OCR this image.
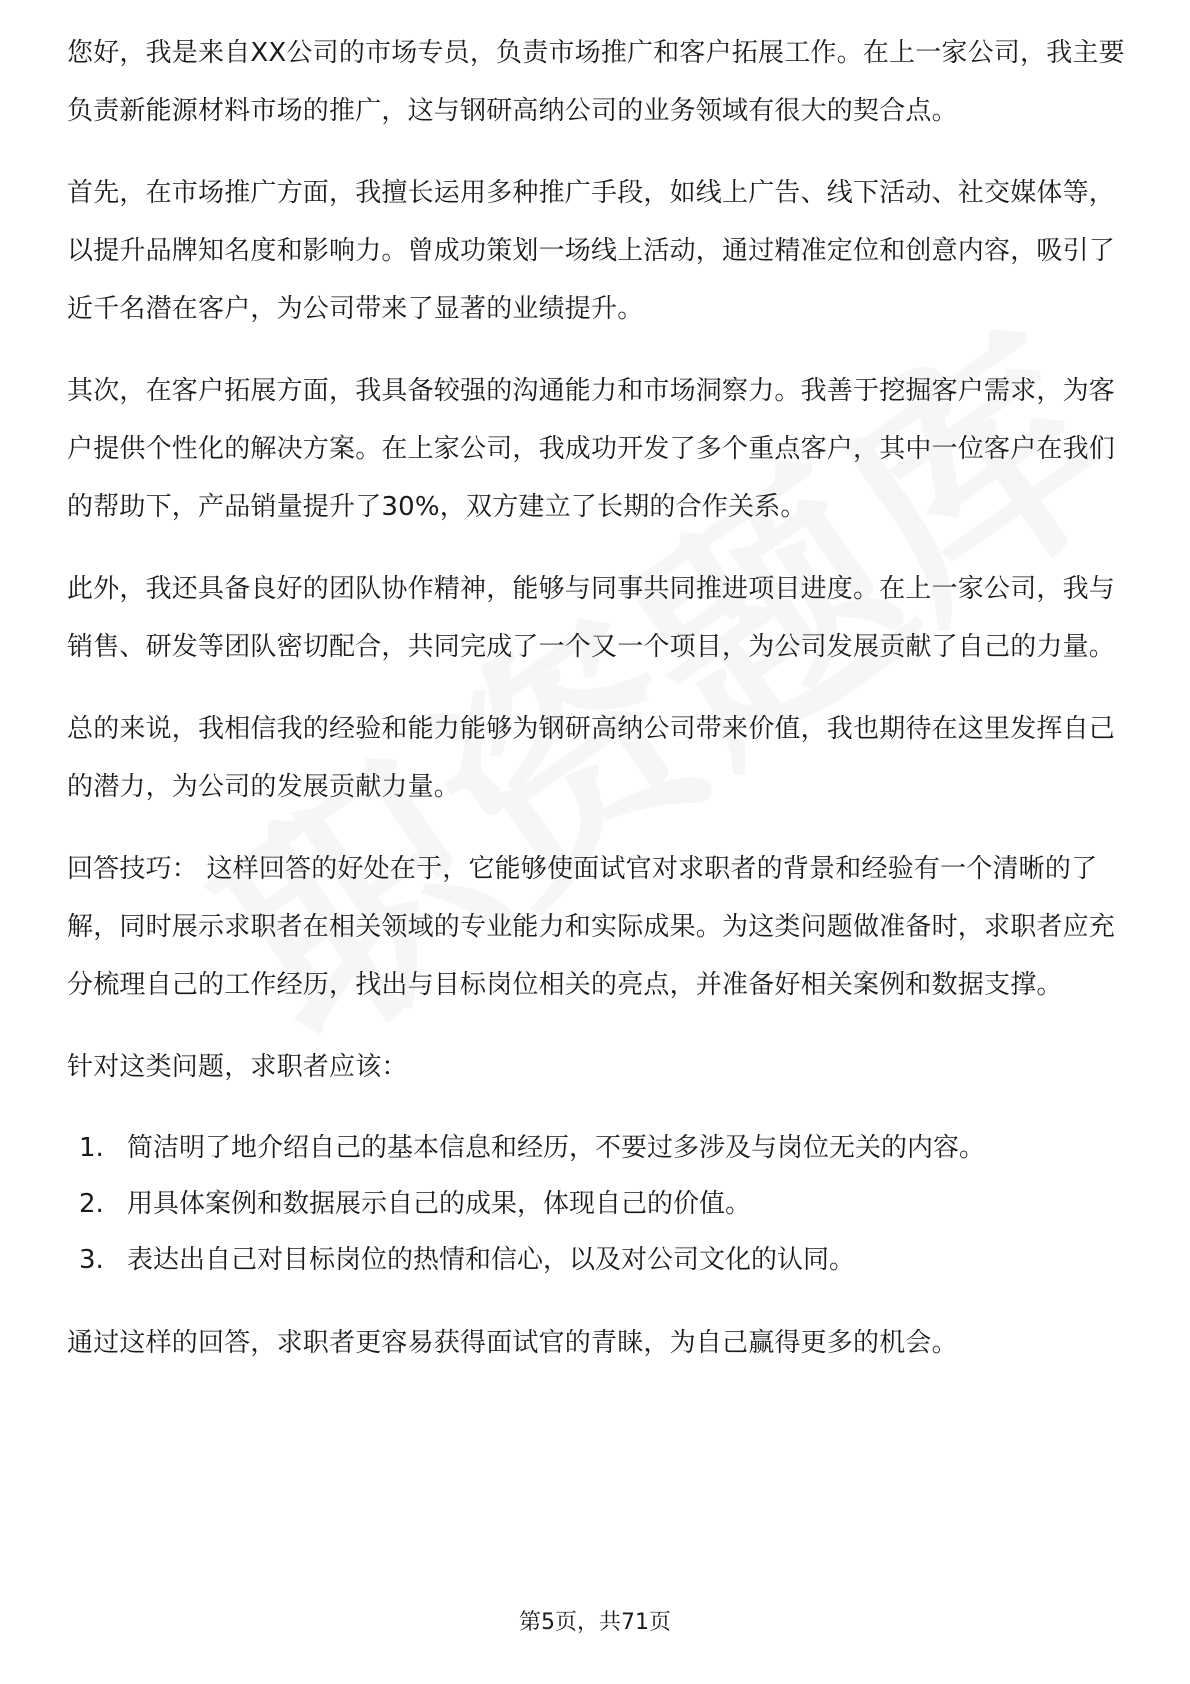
您好，我是来自XX公司的市场专员，负责市场推广和客户拓展工作。在上一家公司，我主要负责新能源材料市场的推广，这与钢研高纳公司的业务领域有很大的契合点。

首先，在市场推广方面，我擅长运用多种推广手段，如线上广告、线下活动、社交媒体等，以提升品牌知名度和影响力。曾成功策划一场线上活动，通过精准定位和创意内容，吸引了近千名潜在客户，为公司带来了显著的业绩提升。

其次，在客户拓展方面，我具备较强的沟通能力和市场洞察力。我善于挖掘客户需求，为客户提供个性化的解决方案。在上家公司，我成功开发了多个重点客户，其中一位客户在我们的帮助下，产品销量提升了30%，双方建立了长期的合作关系。

此外，我还具备良好的团队协作精神，能够与同事共同推进项目进度。在上一家公司，我与销售、研发等团队密切配合，共同完成了一个又一个项目，为公司发展贡献了自己的力量。

总的来说，我相信我的经验和能力能够为钢研高纳公司带来价值，我也期待在这里发挥自己的潜力，为公司的发展贡献力量。

回答技巧： 这样回答的好处在于，它能够使面试官对求职者的背景和经验有一个清晰的了解，同时展示求职者在相关领域的专业能力和实际成果。为这类问题做准备时，求职者应充分梳理自己的工作经历，找出与目标岗位相关的亮点，并准备好相关案例和数据支撑。

针对这类问题，求职者应该：

1. 简洁明了地介绍自己的基本信息和经历，不要过多涉及与岗位无关的内容。
2. 用具体案例和数据展示自己的成果，体现自己的价值。
3. 表达出自己对目标岗位的热情和信心，以及对公司文化的认同。

通过这样的回答，求职者更容易获得面试官的青睐，为自己赢得更多的机会。

第5页，共71页
